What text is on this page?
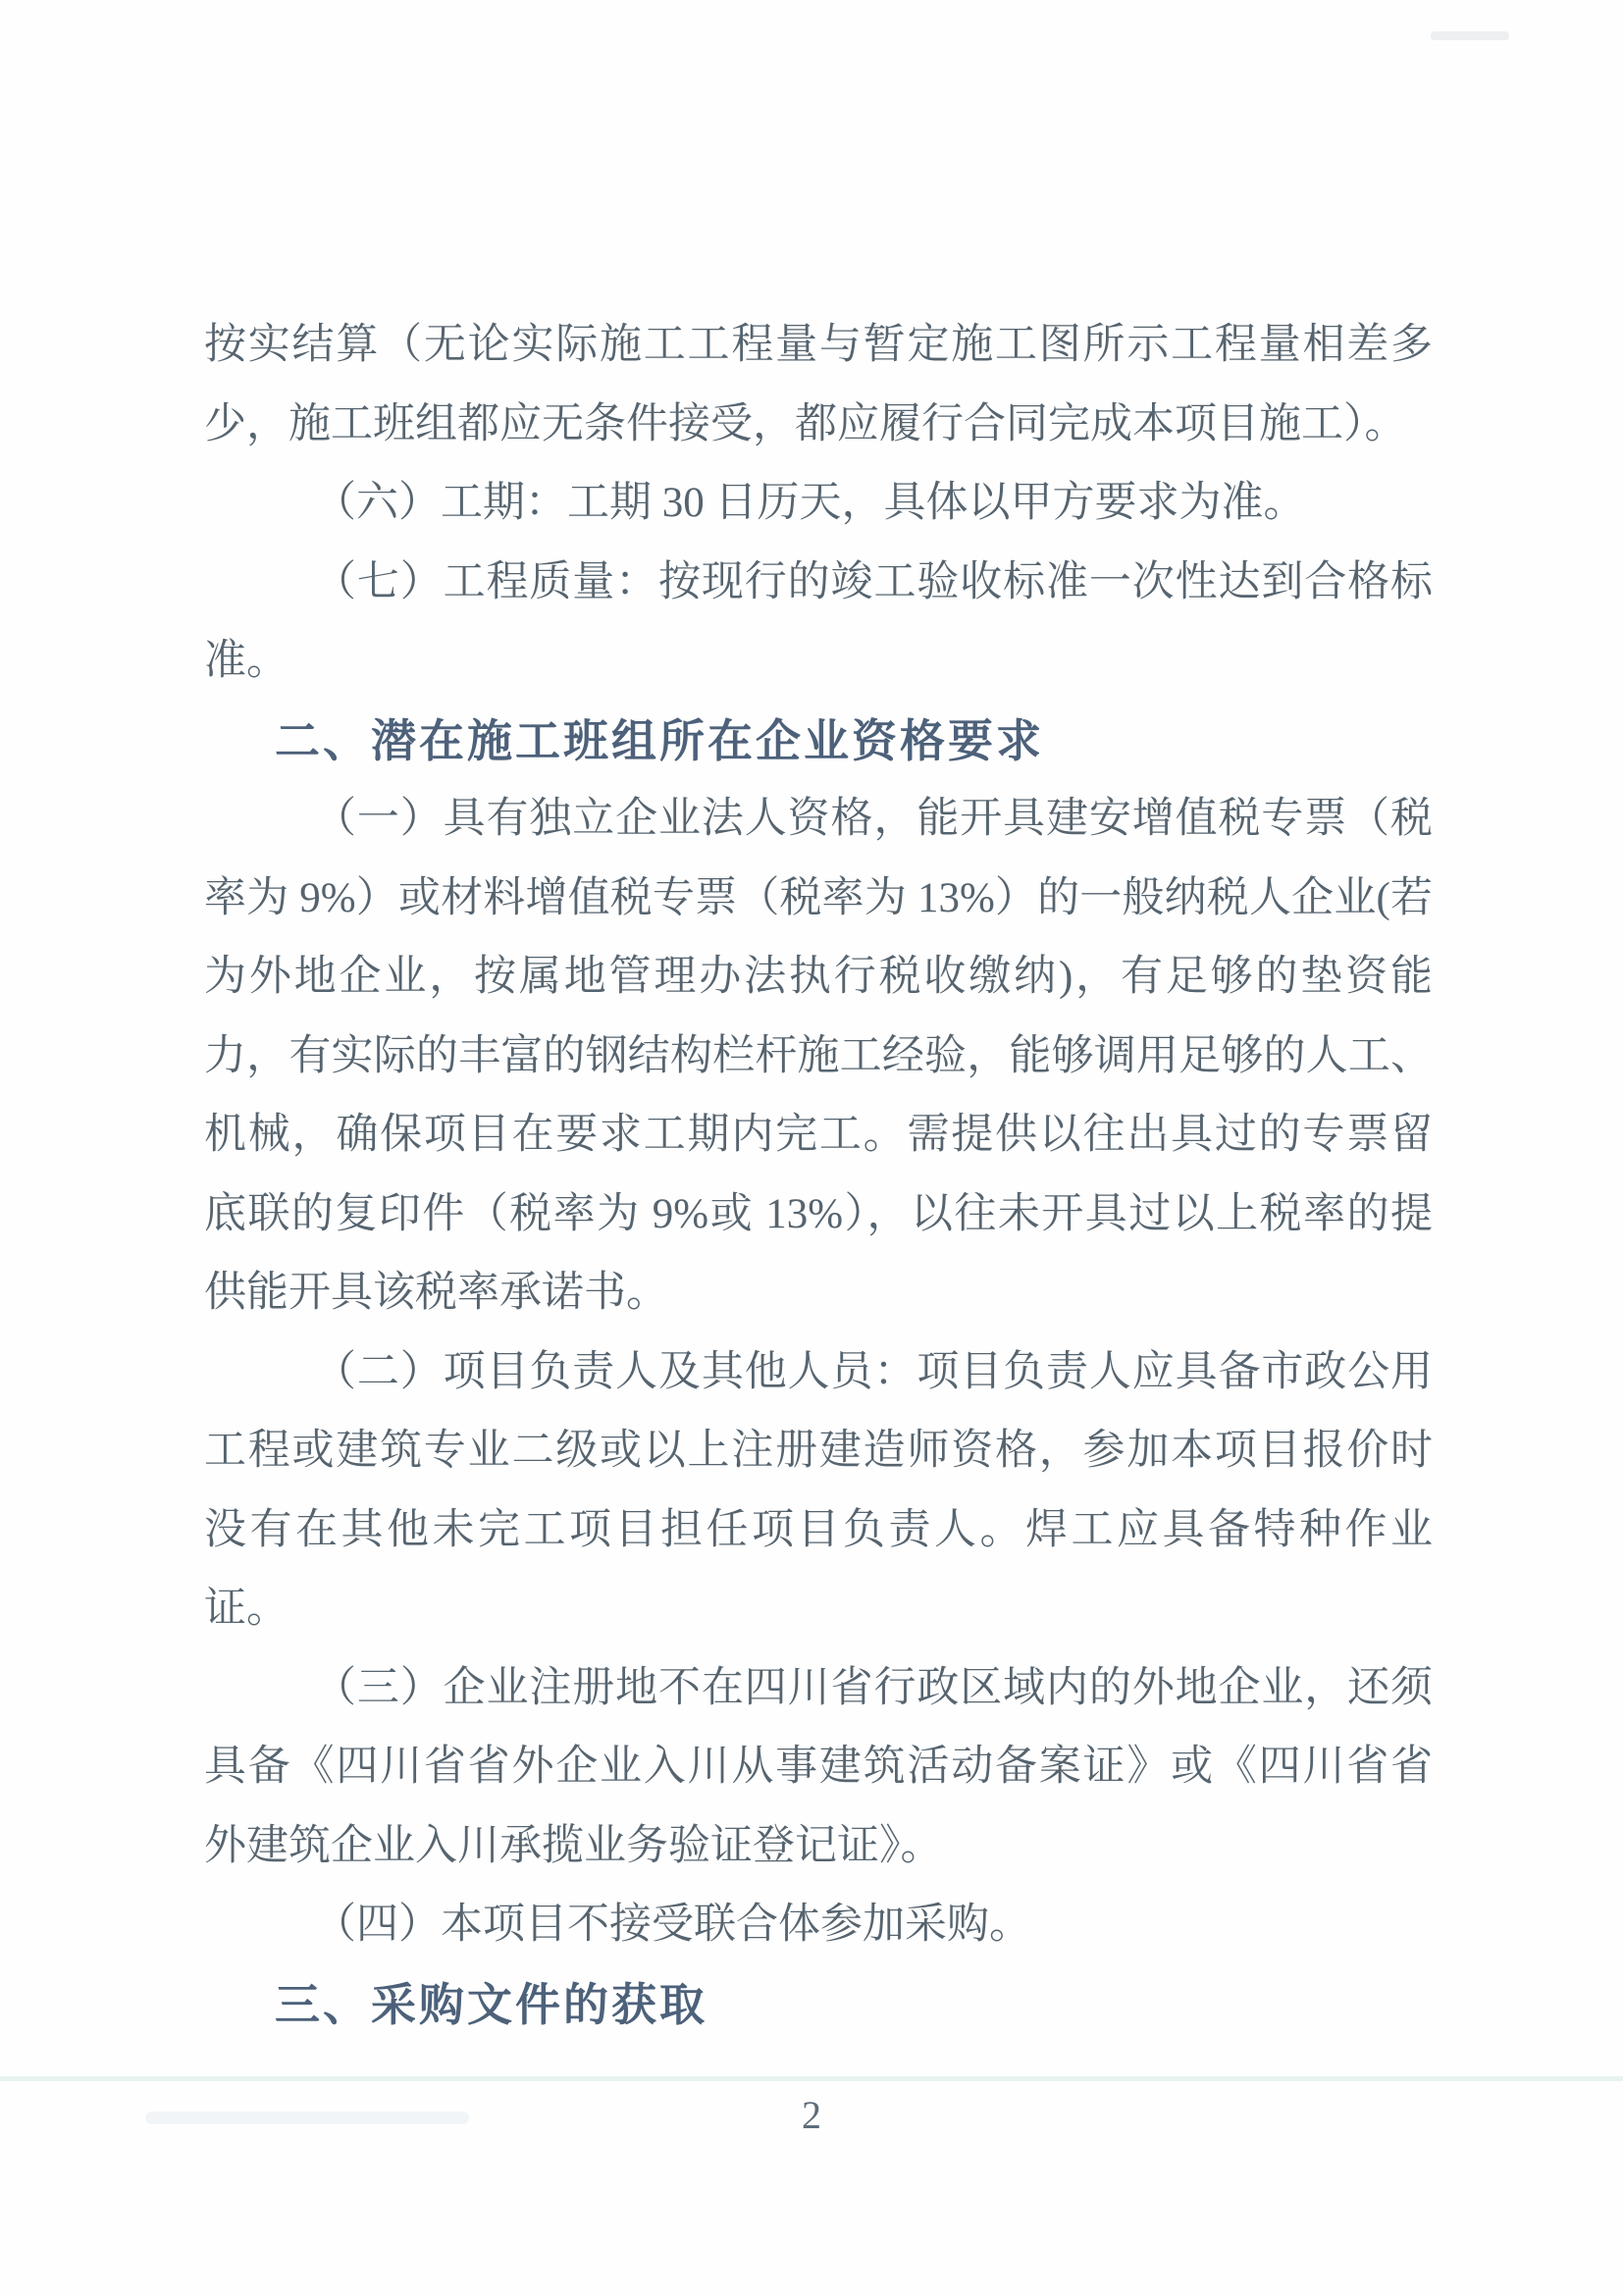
按实结算（无论实际施工工程量与暂定施工图所示工程量相差多
少，施工班组都应无条件接受，都应履行合同完成本项目施工）。
（六）工期：工期 30 日历天，具体以甲方要求为准。
（七）工程质量：按现行的竣工验收标准一次性达到合格标
准。
二、潜在施工班组所在企业资格要求
（一）具有独立企业法人资格，能开具建安增值税专票（税
率为 9%）或材料增值税专票（税率为 13%）的一般纳税人企业(若
为外地企业，按属地管理办法执行税收缴纳)，有足够的垫资能
力，有实际的丰富的钢结构栏杆施工经验，能够调用足够的人工、
机械，确保项目在要求工期内完工。需提供以往出具过的专票留
底联的复印件（税率为 9%或 13%），以往未开具过以上税率的提
供能开具该税率承诺书。
（二）项目负责人及其他人员：项目负责人应具备市政公用
工程或建筑专业二级或以上注册建造师资格，参加本项目报价时
没有在其他未完工项目担任项目负责人。焊工应具备特种作业
证。
（三）企业注册地不在四川省行政区域内的外地企业，还须
具备《四川省省外企业入川从事建筑活动备案证》或《四川省省
外建筑企业入川承揽业务验证登记证》。
（四）本项目不接受联合体参加采购。
三、采购文件的获取
2
